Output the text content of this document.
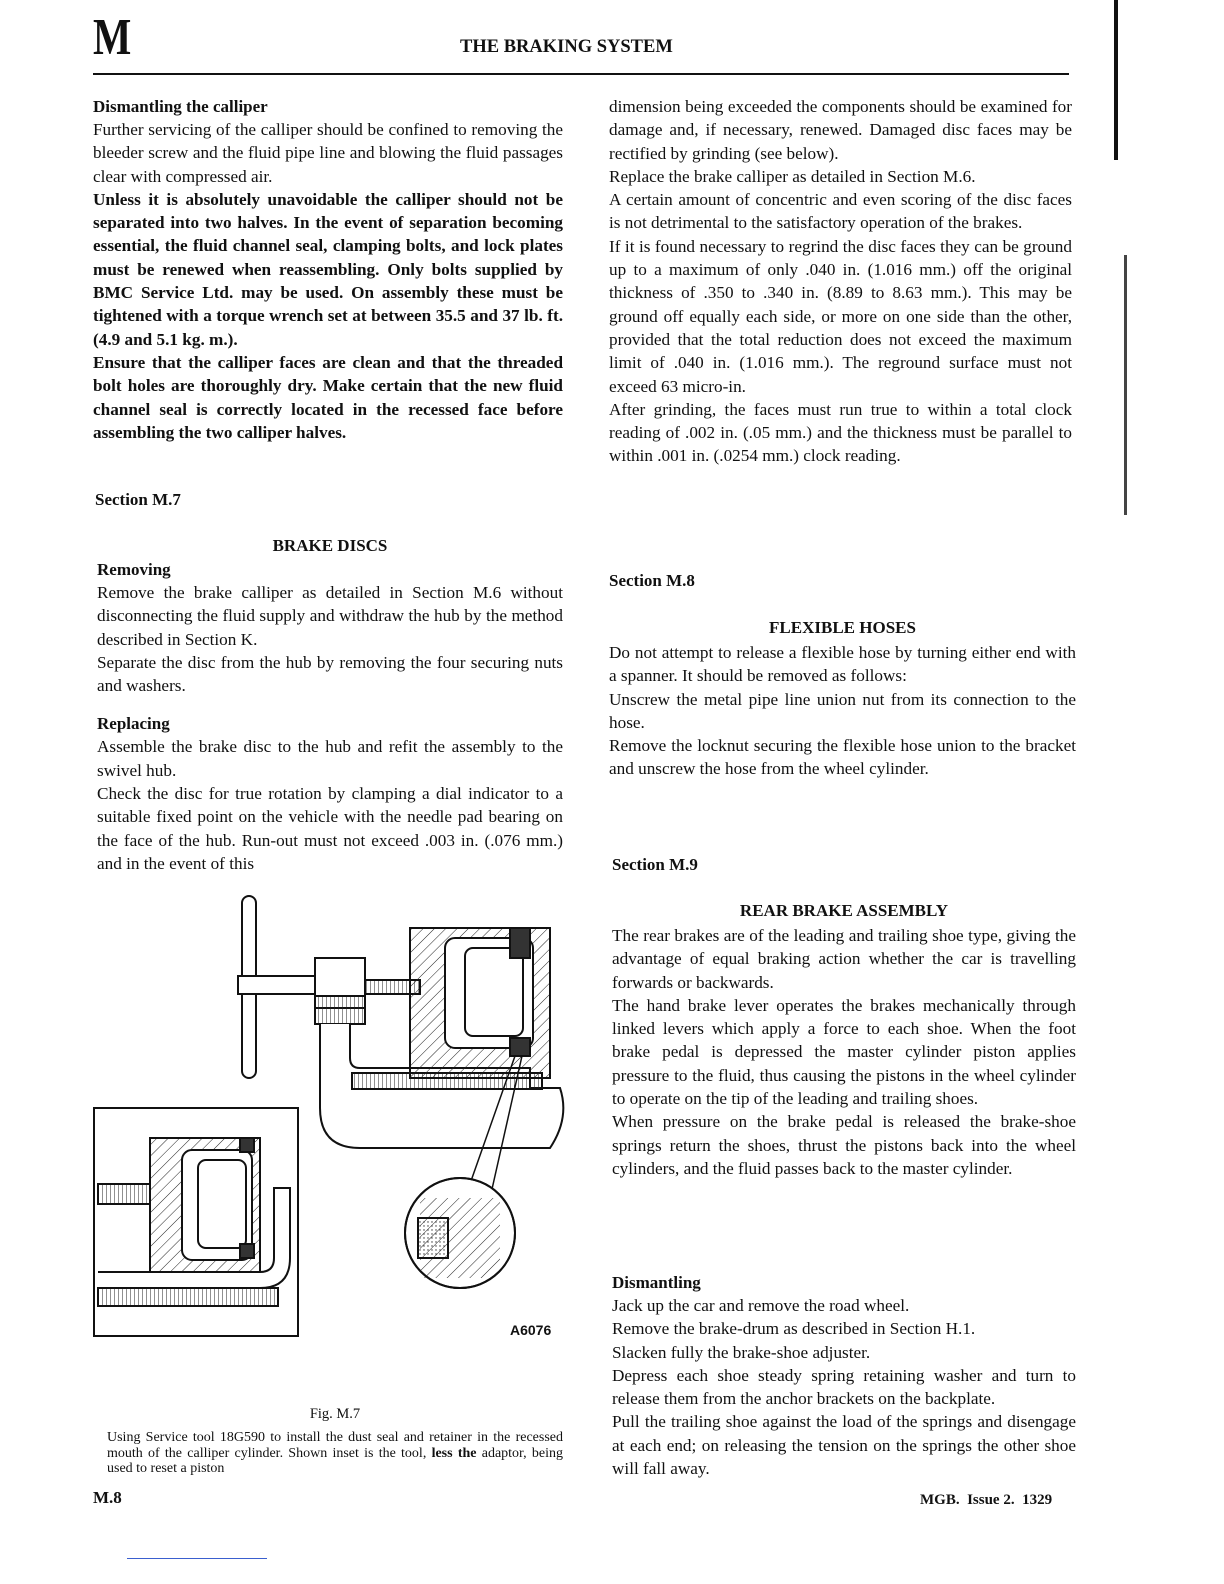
M	THE BRAKING SYSTEM

Dismantling the calliper

Further servicing of the calliper should be confined to removing the bleeder screw and the fluid pipe line and blowing the fluid passages clear with compressed air.

Unless it is absolutely unavoidable the calliper should not be separated into two halves. In the event of separation becoming essential, the fluid channel seal, clamping bolts, and lock plates must be renewed when reassembling. Only bolts supplied by BMC Service Ltd. may be used. On assembly these must be tightened with a torque wrench set at between 35.5 and 37 lb. ft. (4.9 and 5.1 kg. m.).

Ensure that the calliper faces are clean and that the threaded bolt holes are thoroughly dry. Make certain that the new fluid channel seal is correctly located in the recessed face before assembling the two calliper halves.

Section M.7
BRAKE DISCS

Removing

Remove the brake calliper as detailed in Section M.6 without disconnecting the fluid supply and withdraw the hub by the method described in Section K.

Separate the disc from the hub by removing the four securing nuts and washers.

Replacing

Assemble the brake disc to the hub and refit the assembly to the swivel hub.

Check the disc for true rotation by clamping a dial indicator to a suitable fixed point on the vehicle with the needle pad bearing on the face of the hub. Run-out must not exceed .003 in. (.076 mm.) and in the event of this

A6076
Fig. M.7

Using Service tool 18G590 to install the dust seal and retainer in the recessed mouth of the calliper cylinder. Shown inset is the tool, less the adaptor, being used to reset a piston

dimension being exceeded the components should be examined for damage and, if necessary, renewed. Damaged disc faces may be rectified by grinding (see below).

Replace the brake calliper as detailed in Section M.6.

A certain amount of concentric and even scoring of the disc faces is not detrimental to the satisfactory operation of the brakes.

If it is found necessary to regrind the disc faces they can be ground up to a maximum of only .040 in. (1.016 mm.) off the original thickness of .350 to .340 in. (8.89 to 8.63 mm.). This may be ground off equally each side, or more on one side than the other, provided that the total reduction does not exceed the maximum limit of .040 in. (1.016 mm.). The reground surface must not exceed 63 micro-in.

After grinding, the faces must run true to within a total clock reading of .002 in. (.05 mm.) and the thickness must be parallel to within .001 in. (.0254 mm.) clock reading.

Section M.8
FLEXIBLE HOSES

Do not attempt to release a flexible hose by turning either end with a spanner. It should be removed as follows:

Unscrew the metal pipe line union nut from its connection to the hose.

Remove the locknut securing the flexible hose union to the bracket and unscrew the hose from the wheel cylinder.

Section M.9
REAR BRAKE ASSEMBLY

The rear brakes are of the leading and trailing shoe type, giving the advantage of equal braking action whether the car is travelling forwards or backwards.

The hand brake lever operates the brakes mechanically through linked levers which apply a force to each shoe. When the foot brake pedal is depressed the master cylinder piston applies pressure to the fluid, thus causing the pistons in the wheel cylinder to operate on the tip of the leading and trailing shoes.

When pressure on the brake pedal is released the brake-shoe springs return the shoes, thrust the pistons back into the wheel cylinders, and the fluid passes back to the master cylinder.

Dismantling

Jack up the car and remove the road wheel.

Remove the brake-drum as described in Section H.1.

Slacken fully the brake-shoe adjuster.

Depress each shoe steady spring retaining washer and turn to release them from the anchor brackets on the backplate.

Pull the trailing shoe against the load of the springs and disengage at each end; on releasing the tension on the springs the other shoe will fall away.

M.8	MGB.  Issue 2.  1329
